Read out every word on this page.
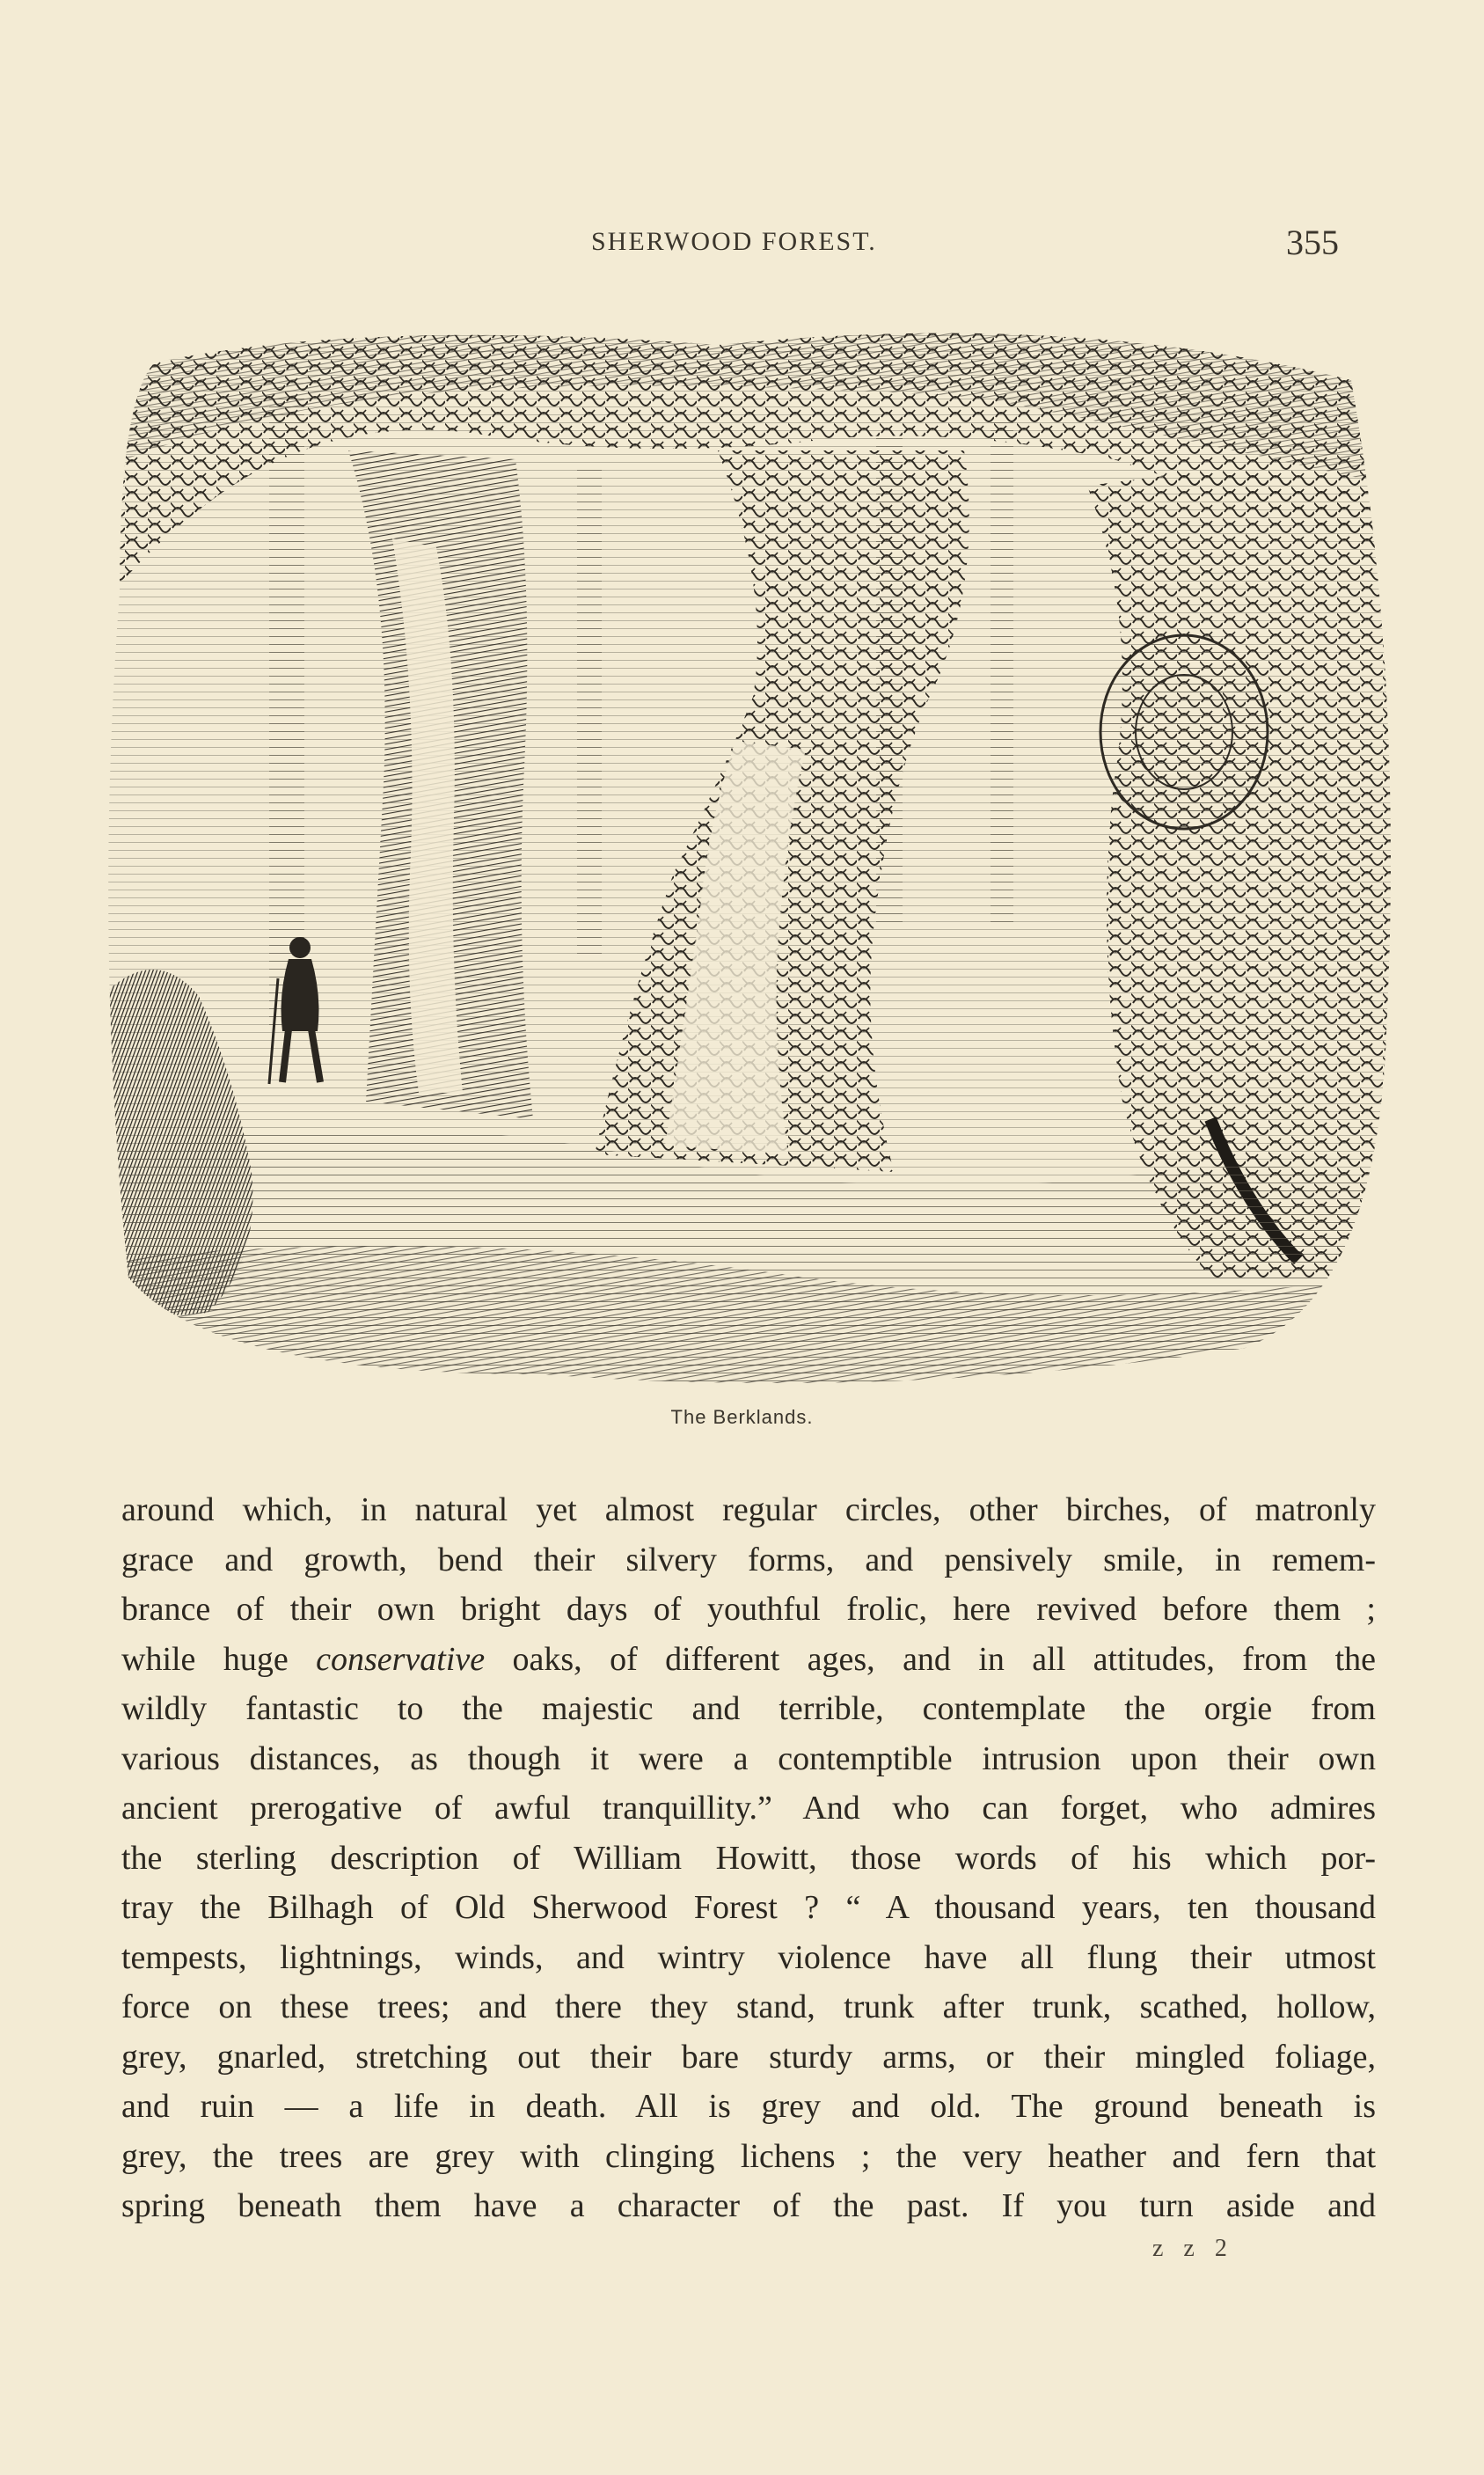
SHERWOOD FOREST.	355
The Berklands.
around which, in natural yet almost regular circles, other birches, of matronly
grace and growth, bend their silvery forms, and pensively smile, in remem-
brance of their own bright days of youthful frolic, here revived before them ;
while huge conservative oaks, of different ages, and in all attitudes, from the
wildly fantastic to the majestic and terrible, contemplate the orgie from
various distances, as though it were a contemptible intrusion upon their own
ancient prerogative of awful tranquillity.” And who can forget, who admires
the sterling description of William Howitt, those words of his which por-
tray the Bilhagh of Old Sherwood Forest ? “ A thousand years, ten thousand
tempests, lightnings, winds, and wintry violence have all flung their utmost
force on these trees; and there they stand, trunk after trunk, scathed, hollow,
grey, gnarled, stretching out their bare sturdy arms, or their mingled foliage,
and ruin — a life in death. All is grey and old. The ground beneath is
grey, the trees are grey with clinging lichens ; the very heather and fern that
spring beneath them have a character of the past. If you turn aside and
z z 2
